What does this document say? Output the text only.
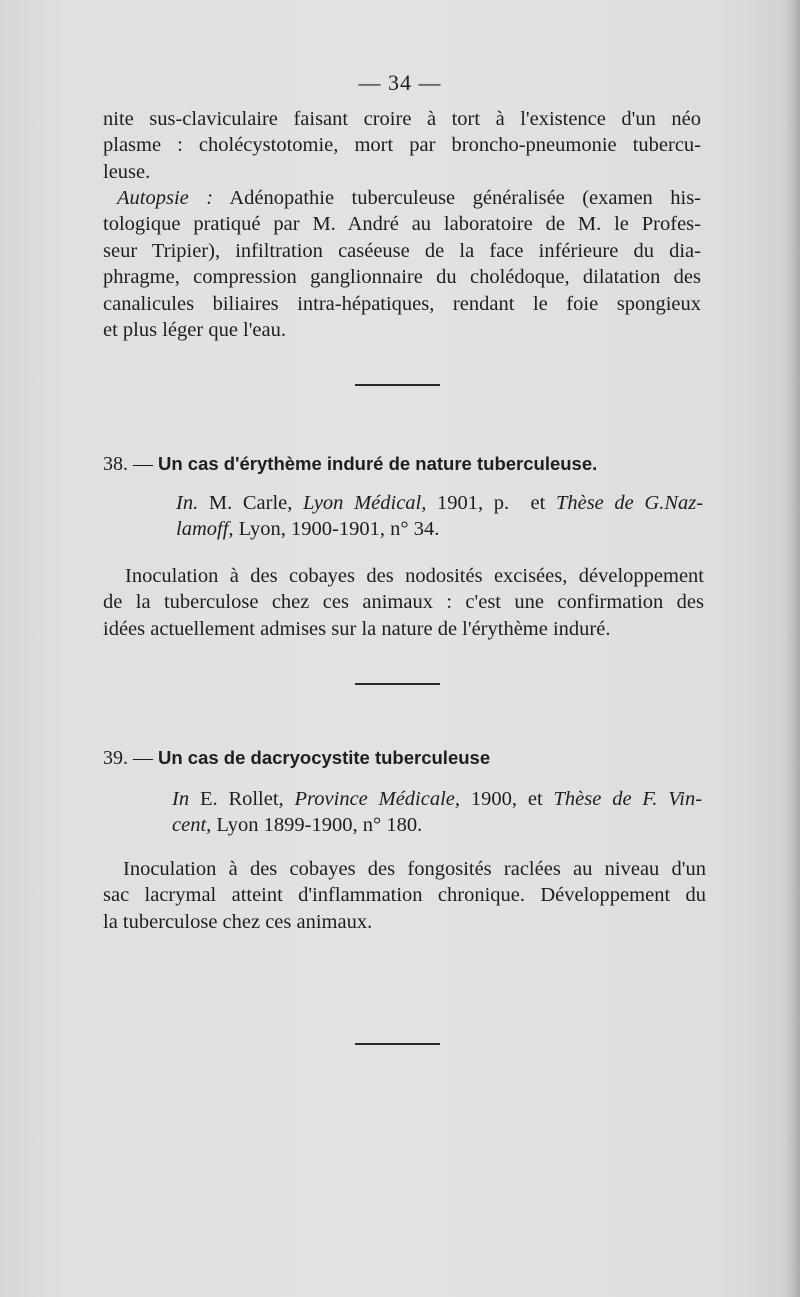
— 34 —
nite sus-claviculaire faisant croire à tort à l'existence d'un néo
plasme : cholécystotomie, mort par broncho-pneumonie tubercu-
leuse.
Autopsie : Adénopathie tuberculeuse généralisée (examen his-
tologique pratiqué par M. André au laboratoire de M. le Profes-
seur Tripier), infiltration caséeuse de la face inférieure du dia-
phragme, compression ganglionnaire du cholédoque, dilatation des
canalicules biliaires intra-hépatiques, rendant le foie spongieux
et plus léger que l'eau.
38. — Un cas d'érythème induré de nature tuberculeuse.
In. M. Carle, Lyon Médical, 1901, p. et Thèse de G.Naz-
lamoff, Lyon, 1900-1901, n° 34.
Inoculation à des cobayes des nodosités excisées, développement
de la tuberculose chez ces animaux : c'est une confirmation des
idées actuellement admises sur la nature de l'érythème induré.
39. — Un cas de dacryocystite tuberculeuse
In E. Rollet, Province Médicale, 1900, et Thèse de F. Vin-
cent, Lyon 1899-1900, n° 180.
Inoculation à des cobayes des fongosités raclées au niveau d'un
sac lacrymal atteint d'inflammation chronique. Développement du
la tuberculose chez ces animaux.
